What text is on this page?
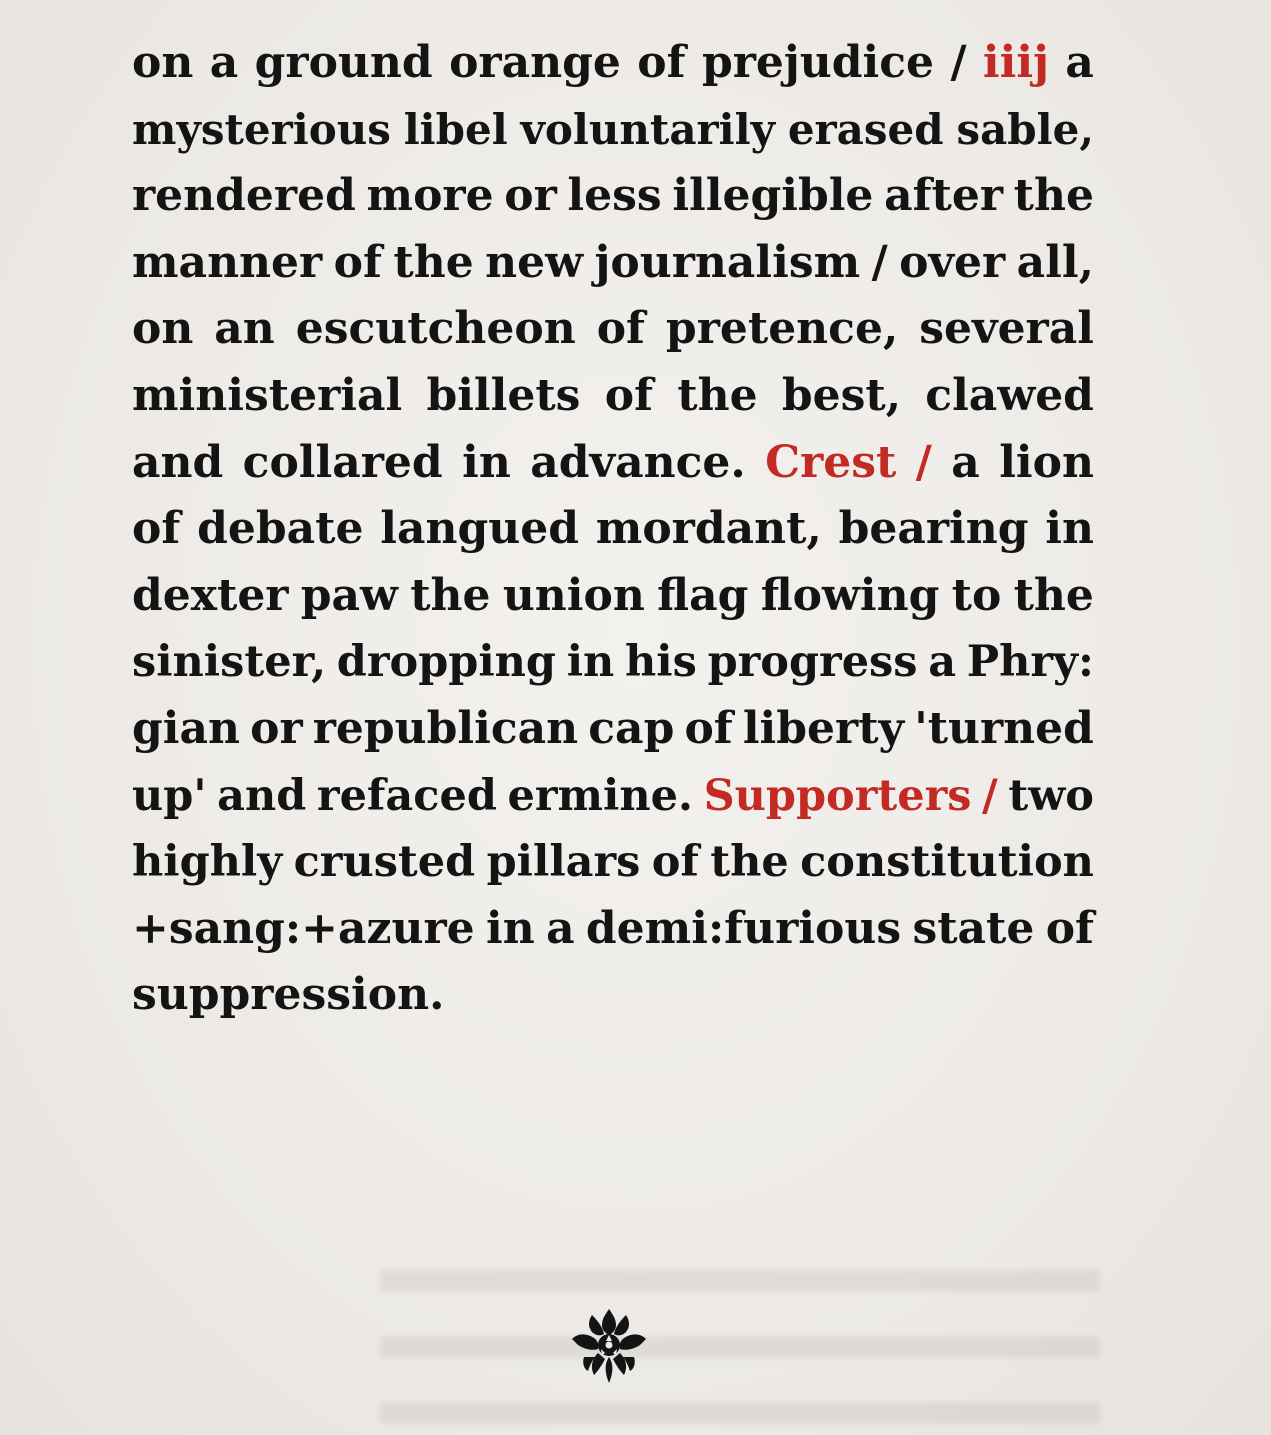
on a ground orange of prejudice / iiij a
mysterious libel voluntarily erased sable,
rendered more or less illegible after the
manner of the new journalism / over all,
on an escutcheon of pretence, several
ministerial billets of the best, clawed
and collared in advance. Crest / a lion
of debate langued mordant, bearing in
dexter paw the union flag flowing to the
sinister, dropping in his progress a Phry:
gian or republican cap of liberty 'turned
up' and refaced ermine. Supporters / two
highly crusted pillars of the constitution
+sang:+azure in a demi:furious state of
suppression.
